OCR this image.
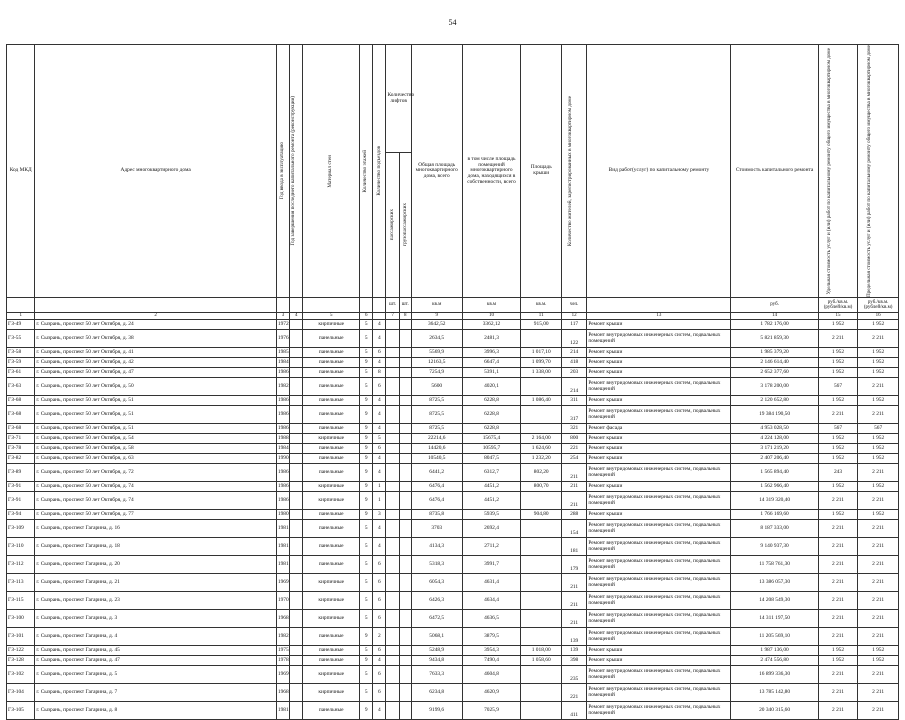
54
Код МКД	Адрес многоквартирного дома	Год ввода в эксплуатацию	Год завершения последнего капитального ремонта (реконструкции)	Материал стен	Количество этажей	Количество подъездов	Количество лифтов		Общая площадь многоквартирного дома, всего	в том числе площадь помещений многоквартирного дома, находящихся в собственности, всего	Площадь крыши	Количество жителей, зарегистрированных в многоквартирном доме	Вид работ(услуг) по капитальному ремонту	Стоимость капитального ремонта	Удельная стоимость услуг и (или) работ по капитальному ремонту общего имущества в многоквартирном доме	Предельная стоимость услуг и (или) работ по капитальному ремонту общего имущества в многоквартирном доме

							пассажирских	грузопассажирских								

							шт.	шт.	кв.м	кв.м	кв.м.	чел.		руб.	руб./кв.м. (рублей/кв.м)	руб./кв.м. (рублей/кв.м)
1	2	3	4	5	6		7	8	9	10	11	12	13	14	15	16
ГЗ-49	г. Сызрань, проспект 50 лет Октября, д. 24	1972		кирпичные	5	4			3642,52	3362,12	915,00	117	Ремонт крыши	1 782 176,00	1 952	1 952
ГЗ-55	г. Сызрань, проспект 50 лет Октября, д. 38	1976		панельные	5	4			2634,5	2481,3		122	Ремонт внутридомовых инженерных систем, подвальных помещений	5 821 859,30	2 211	2 211
ГЗ-58	г. Сызрань, проспект 50 лет Октября, д. 41	1985		панельные	5	6			5569,9	3996,3	1 017,10	214	Ремонт крыши	1 985 379,20	1 952	1 952
ГЗ-59	г. Сызрань, проспект 50 лет Октября, д. 42	1984		панельные	9	4			12163,5	6647,4	1 099,70	418	Ремонт крыши	2 146 614,40	1 952	1 952
ГЗ-61	г. Сызрань, проспект 50 лет Октября, д. 47	1986		панельные	5	8			7254,9	5391,1	1 338,00	203	Ремонт крыши	2 652 377,60	1 952	1 952
ГЗ-63	г. Сызрань, проспект 50 лет Октября, д. 50	1982		панельные	5	6			5600	4020,1		214	Ремонт внутридомовых инженерных систем, подвальных помещений	3 178 200,00	567	2 211
ГЗ-68	г. Сызрань, проспект 50 лет Октября, д. 51	1986		панельные	9	4			8725,5	6228,8	1 086,40	311	Ремонт крыши	2 120 652,80	1 952	1 952
ГЗ-68	г. Сызрань, проспект 50 лет Октября, д. 51	1986		панельные	9	4			8725,5	6228,8		317	Ремонт внутридомовых инженерных систем, подвальных помещений	19 384 190,50	2 211	2 211
ГЗ-68	г. Сызрань, проспект 50 лет Октября, д. 51	1986		панельные	9	4			8725,5	6228,8		321	Ремонт фасада	4 953 028,50	567	567
ГЗ-71	г. Сызрань, проспект 50 лет Октября, д. 54	1988		кирпичные	9	5			22214,6	15675,4	2 164,00	800	Ремонт крыши	4 224 128,00	1 952	1 952
ГЗ-78	г. Сызрань, проспект 50 лет Октября, д. 58	1984		панельные	9	6			14420,6	10595,7	1 624,60	221	Ремонт крыши	3 171 219,20	1 952	1 952
ГЗ-82	г. Сызрань, проспект 50 лет Октября, д. 63	1990		панельные	9	4			10540,5	8047,5	1 232,20	254	Ремонт крыши	2 407 206,40	1 952	1 952
ГЗ-89	г. Сызрань, проспект 50 лет Октября, д. 72	1986		панельные	9	4			6441,2	6312,7	802,20	211	Ремонт внутридомовых инженерных систем, подвальных помещений	1 565 894,40	243	2 211
ГЗ-91	г. Сызрань, проспект 50 лет Октября, д. 74	1986		кирпичные	9	1			6476,4	4451,2	800,70	211	Ремонт крыши	1 562 966,40	1 952	1 952
ГЗ-91	г. Сызрань, проспект 50 лет Октября, д. 74	1986		кирпичные	9	1			6476,4	4451,2		211	Ремонт внутридомовых инженерных систем, подвальных помещений	14 319 320,40	2 211	2 211
ГЗ-94	г. Сызрань, проспект 50 лет Октября, д. 77	1980		панельные	9	3			8735,8	5939,5	904,80	288	Ремонт крыши	1 766 169,60	1 952	1 952
ГЗ-109	г. Сызрань, проспект Гагарина, д. 16	1981		панельные	5	4			3703	2692,4		154	Ремонт внутридомовых инженерных систем, подвальных помещений	8 187 333,00	2 211	2 211
ГЗ-110	г. Сызрань, проспект Гагарина, д. 18	1981		панельные	5	4			4134,3	2711,2		181	Ремонт внутридомовых инженерных систем, подвальных помещений	9 140 937,30	2 211	2 211
ГЗ-112	г. Сызрань, проспект Гагарина, д. 20	1981		панельные	5	6			5318,3	3991,7		179	Ремонт внутридомовых инженерных систем, подвальных помещений	11 758 761,30	2 211	2 211
ГЗ-113	г. Сызрань, проспект Гагарина, д. 21	1969		кирпичные	5	6			6054,3	4631,4		211	Ремонт внутридомовых инженерных систем, подвальных помещений	13 386 057,30	2 211	2 211
ГЗ-115	г. Сызрань, проспект Гагарина, д. 23	1970		кирпичные	5	6			6426,3	4634,4		211	Ремонт внутридомовых инженерных систем, подвальных помещений	14 208 549,30	2 211	2 211
ГЗ-100	г. Сызрань, проспект Гагарина, д. 3	1968		кирпичные	5	6			6472,5	4636,5		211	Ремонт внутридомовых инженерных систем, подвальных помещений	14 311 197,50	2 211	2 211
ГЗ-101	г. Сызрань, проспект Гагарина, д. 4	1982		панельные	9	2			5068,1	3879,5		139	Ремонт внутридомовых инженерных систем, подвальных помещений	11 205 569,10	2 211	2 211
ГЗ-122	г. Сызрань, проспект Гагарина, д. 45	1975		панельные	5	6			5248,9	3954,3	1 018,00	139	Ремонт крыши	1 987 136,00	1 952	1 952
ГЗ-128	г. Сызрань, проспект Гагарина, д. 47	1978		панельные	9	4			9434,8	7490,4	1 058,60	398	Ремонт крыши	2 474 556,80	1 952	1 952
ГЗ-102	г. Сызрань, проспект Гагарина, д. 5	1969		кирпичные	5	6			7633,3	4604,8		235	Ремонт внутридомовых инженерных систем, подвальных помещений	16 899 336,30	2 211	2 211
ГЗ-104	г. Сызрань, проспект Гагарина, д. 7	1968		кирпичные	5	6			6234,8	4620,9		221	Ремонт внутридомовых инженерных систем, подвальных помещений	13 785 142,80	2 211	2 211
ГЗ-105	г. Сызрань, проспект Гагарина, д. 8	1981		панельные	9	4			9199,6	7025,9		411	Ремонт внутридомовых инженерных систем, подвальных помещений	20 340 315,60	2 211	2 211
